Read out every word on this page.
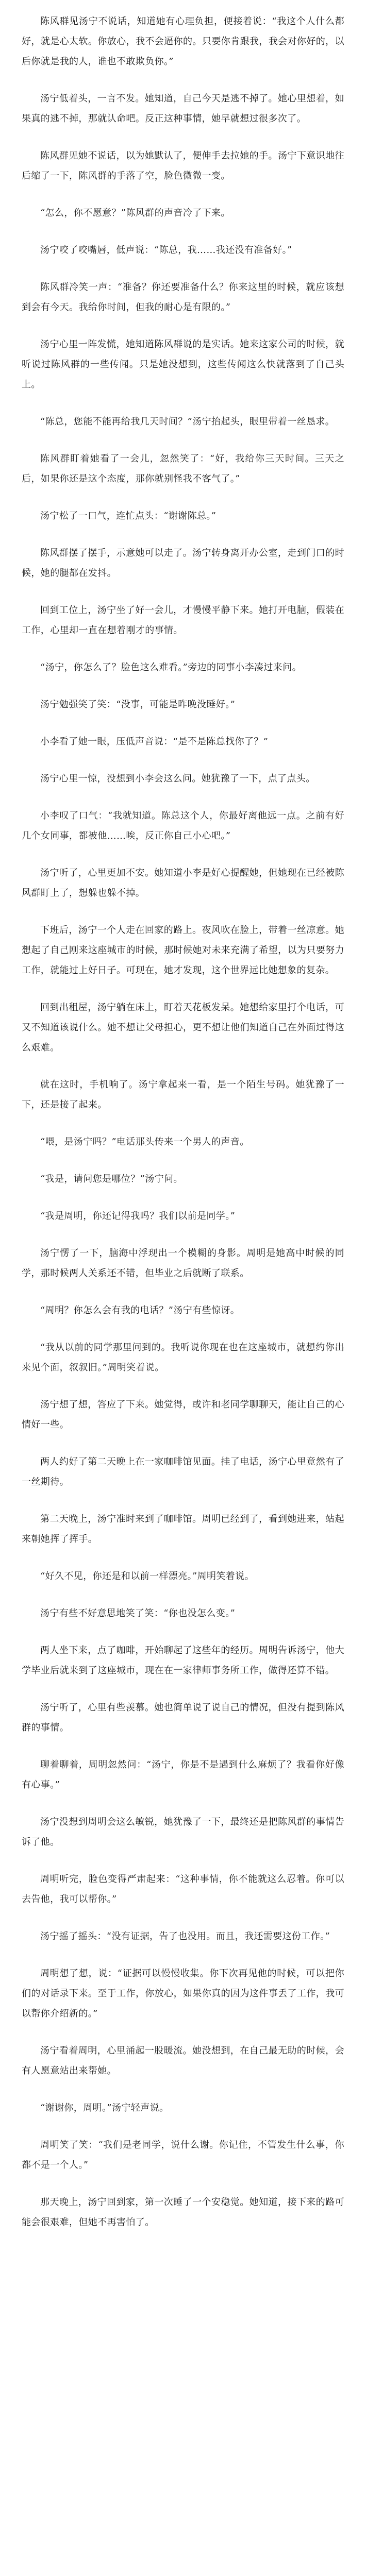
陈风群见汤宁不说话，知道她有心理负担，便接着说：“我这个人什么都好，就是心太软。你放心，我不会逼你的。只要你肯跟我，我会对你好的，以后你就是我的人，谁也不敢欺负你。”

汤宁低着头，一言不发。她知道，自己今天是逃不掉了。她心里想着，如果真的逃不掉，那就认命吧。反正这种事情，她早就想过很多次了。

陈风群见她不说话，以为她默认了，便伸手去拉她的手。汤宁下意识地往后缩了一下，陈风群的手落了空，脸色微微一变。

“怎么，你不愿意？”陈风群的声音冷了下来。

汤宁咬了咬嘴唇，低声说：“陈总，我……我还没有准备好。”

陈风群冷笑一声：“准备？你还要准备什么？你来这里的时候，就应该想到会有今天。我给你时间，但我的耐心是有限的。”

汤宁心里一阵发慌，她知道陈风群说的是实话。她来这家公司的时候，就听说过陈风群的一些传闻。只是她没想到，这些传闻这么快就落到了自己头上。

“陈总，您能不能再给我几天时间？”汤宁抬起头，眼里带着一丝恳求。

陈风群盯着她看了一会儿，忽然笑了：“好，我给你三天时间。三天之后，如果你还是这个态度，那你就别怪我不客气了。”

汤宁松了一口气，连忙点头：“谢谢陈总。”

陈风群摆了摆手，示意她可以走了。汤宁转身离开办公室，走到门口的时候，她的腿都在发抖。

回到工位上，汤宁坐了好一会儿，才慢慢平静下来。她打开电脑，假装在工作，心里却一直在想着刚才的事情。

“汤宁，你怎么了？脸色这么难看。”旁边的同事小李凑过来问。

汤宁勉强笑了笑：“没事，可能是昨晚没睡好。”

小李看了她一眼，压低声音说：“是不是陈总找你了？”

汤宁心里一惊，没想到小李会这么问。她犹豫了一下，点了点头。

小李叹了口气：“我就知道。陈总这个人，你最好离他远一点。之前有好几个女同事，都被他……唉，反正你自己小心吧。”

汤宁听了，心里更加不安。她知道小李是好心提醒她，但她现在已经被陈风群盯上了，想躲也躲不掉。

下班后，汤宁一个人走在回家的路上。夜风吹在脸上，带着一丝凉意。她想起了自己刚来这座城市的时候，那时候她对未来充满了希望，以为只要努力工作，就能过上好日子。可现在，她才发现，这个世界远比她想象的复杂。

回到出租屋，汤宁躺在床上，盯着天花板发呆。她想给家里打个电话，可又不知道该说什么。她不想让父母担心，更不想让他们知道自己在外面过得这么艰难。

就在这时，手机响了。汤宁拿起来一看，是一个陌生号码。她犹豫了一下，还是接了起来。

“喂，是汤宁吗？”电话那头传来一个男人的声音。

“我是，请问您是哪位？”汤宁问。

“我是周明，你还记得我吗？我们以前是同学。”

汤宁愣了一下，脑海中浮现出一个模糊的身影。周明是她高中时候的同学，那时候两人关系还不错，但毕业之后就断了联系。

“周明？你怎么会有我的电话？”汤宁有些惊讶。

“我从以前的同学那里问到的。我听说你现在也在这座城市，就想约你出来见个面，叙叙旧。”周明笑着说。

汤宁想了想，答应了下来。她觉得，或许和老同学聊聊天，能让自己的心情好一些。

两人约好了第二天晚上在一家咖啡馆见面。挂了电话，汤宁心里竟然有了一丝期待。

第二天晚上，汤宁准时来到了咖啡馆。周明已经到了，看到她进来，站起来朝她挥了挥手。

“好久不见，你还是和以前一样漂亮。”周明笑着说。

汤宁有些不好意思地笑了笑：“你也没怎么变。”

两人坐下来，点了咖啡，开始聊起了这些年的经历。周明告诉汤宁，他大学毕业后就来到了这座城市，现在在一家律师事务所工作，做得还算不错。

汤宁听了，心里有些羡慕。她也简单说了说自己的情况，但没有提到陈风群的事情。

聊着聊着，周明忽然问：“汤宁，你是不是遇到什么麻烦了？我看你好像有心事。”

汤宁没想到周明会这么敏锐，她犹豫了一下，最终还是把陈风群的事情告诉了他。

周明听完，脸色变得严肃起来：“这种事情，你不能就这么忍着。你可以去告他，我可以帮你。”

汤宁摇了摇头：“没有证据，告了也没用。而且，我还需要这份工作。”

周明想了想，说：“证据可以慢慢收集。你下次再见他的时候，可以把你们的对话录下来。至于工作，你放心，如果你真的因为这件事丢了工作，我可以帮你介绍新的。”

汤宁看着周明，心里涌起一股暖流。她没想到，在自己最无助的时候，会有人愿意站出来帮她。

“谢谢你，周明。”汤宁轻声说。

周明笑了笑：“我们是老同学，说什么谢。你记住，不管发生什么事，你都不是一个人。”

那天晚上，汤宁回到家，第一次睡了一个安稳觉。她知道，接下来的路可能会很艰难，但她不再害怕了。
